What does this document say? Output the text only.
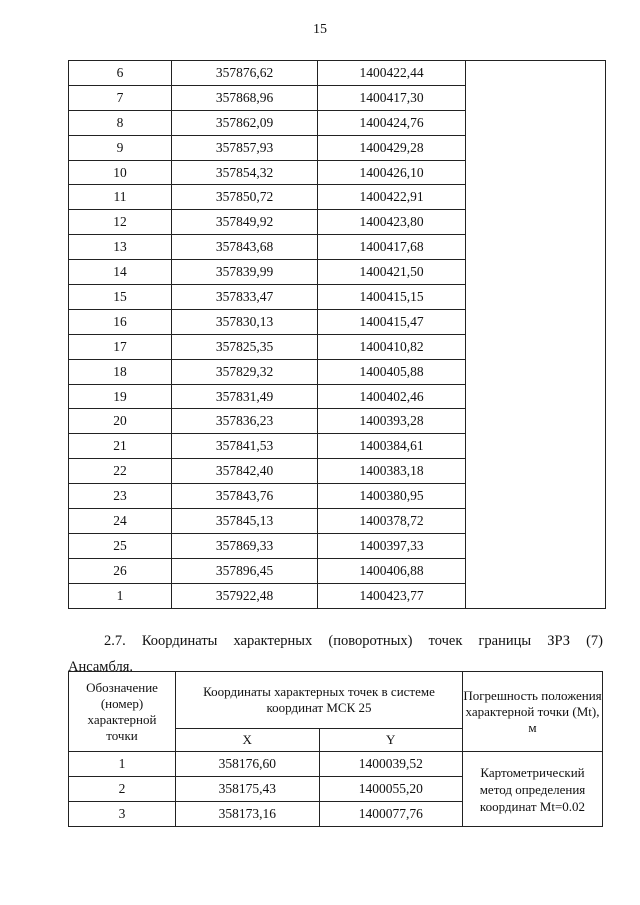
15
6	357876,62	1400422,44	
7	357868,96	1400417,30	
8	357862,09	1400424,76	
9	357857,93	1400429,28	
10	357854,32	1400426,10	
11	357850,72	1400422,91	
12	357849,92	1400423,80	
13	357843,68	1400417,68	
14	357839,99	1400421,50	
15	357833,47	1400415,15	
16	357830,13	1400415,47	
17	357825,35	1400410,82	
18	357829,32	1400405,88	
19	357831,49	1400402,46	
20	357836,23	1400393,28	
21	357841,53	1400384,61	
22	357842,40	1400383,18	
23	357843,76	1400380,95	
24	357845,13	1400378,72	
25	357869,33	1400397,33	
26	357896,45	1400406,88	
1	357922,48	1400423,77	
2.7. Координаты характерных (поворотных) точек границы ЗРЗ (7)
Ансамбля.
Обозначение (номер) характерной точки	Координаты характерных точек в системе координат МСК 25		Погрешность положения характерной точки (Mt), м
	X	Y	
1	358176,60	1400039,52	Картометрический метод определения координат Mt=0.02
2	358175,43	1400055,20	
3	358173,16	1400077,76	
